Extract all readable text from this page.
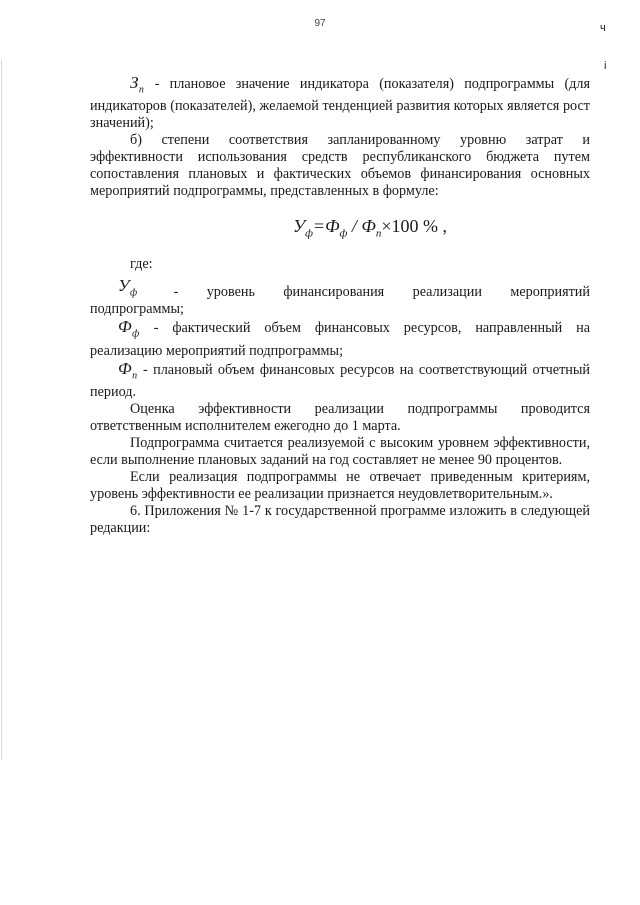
97	ч
і

$З_п$ - плановое значение индикатора (показателя) подпрограммы (для индикаторов (показателей), желаемой тенденцией развития которых является рост значений);

б) степени соответствия запланированному уровню затрат и эффективности использования средств республиканского бюджета путем сопоставления плановых и фактических объемов финансирования основных мероприятий подпрограммы, представленных в формуле:

$У_ф=Ф_ф / Ф_п\times 100$ % ,

где:

$У_ф$	- уровень финансирования реализации мероприятий

подпрограммы;

$Ф_ф$ - фактический объем финансовых ресурсов, направленный на реализацию мероприятий подпрограммы;

$Ф_п$ - плановый объем финансовых ресурсов на соответствующий отчетный период.

Оценка эффективности реализации подпрограммы проводится ответственным исполнителем ежегодно до 1 марта.

Подпрограмма считается реализуемой с высоким уровнем эффективности, если выполнение плановых заданий на год составляет не менее 90 процентов.

Если реализация подпрограммы не отвечает приведенным критериям, уровень эффективности ее реализации признается неудовлетворительным.».

6. Приложения № 1-7 к государственной программе изложить в следующей редакции:
